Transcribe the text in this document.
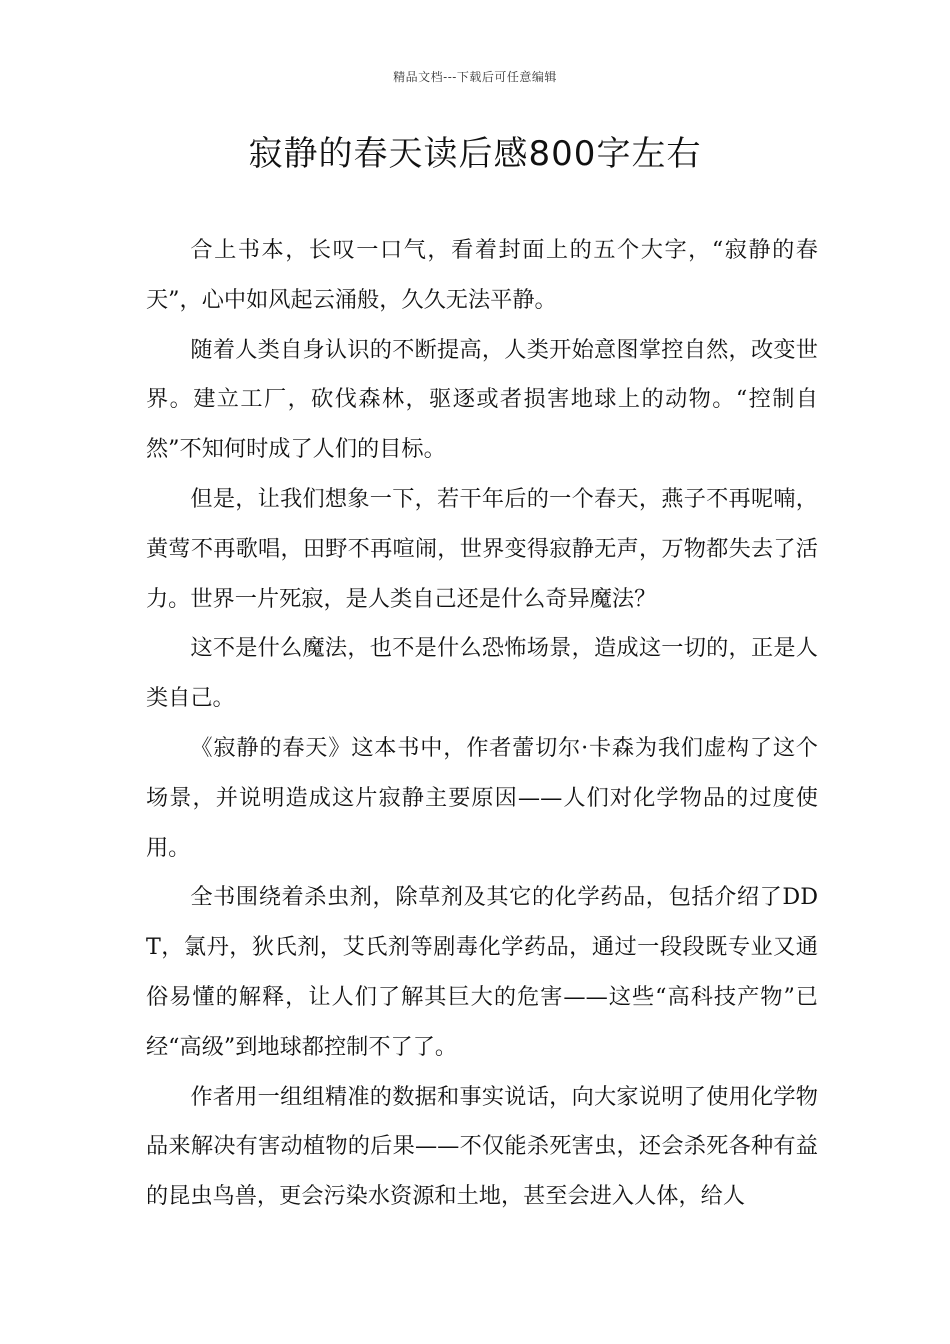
精品文档---下载后可任意编辑
寂静的春天读后感800字左右

合上书本，长叹一口气，看着封面上的五个大字，“寂静的春天”，心中如风起云涌般，久久无法平静。

随着人类自身认识的不断提高，人类开始意图掌控自然，改变世界。建立工厂，砍伐森林，驱逐或者损害地球上的动物。“控制自然”不知何时成了人们的目标。

但是，让我们想象一下，若干年后的一个春天，燕子不再呢喃，黄莺不再歌唱，田野不再喧闹，世界变得寂静无声，万物都失去了活力。世界一片死寂，是人类自己还是什么奇异魔法？

这不是什么魔法，也不是什么恐怖场景，造成这一切的，正是人类自己。

《寂静的春天》这本书中，作者蕾切尔·卡森为我们虚构了这个场景，并说明造成这片寂静主要原因——人们对化学物品的过度使用。

全书围绕着杀虫剂，除草剂及其它的化学药品，包括介绍了DDT，氯丹，狄氏剂，艾氏剂等剧毒化学药品，通过一段段既专业又通俗易懂的解释，让人们了解其巨大的危害——这些“高科技产物”已经“高级”到地球都控制不了了。

作者用一组组精准的数据和事实说话，向大家说明了使用化学物品来解决有害动植物的后果——不仅能杀死害虫，还会杀死各种有益的昆虫鸟兽，更会污染水资源和土地，甚至会进入人体，给人
